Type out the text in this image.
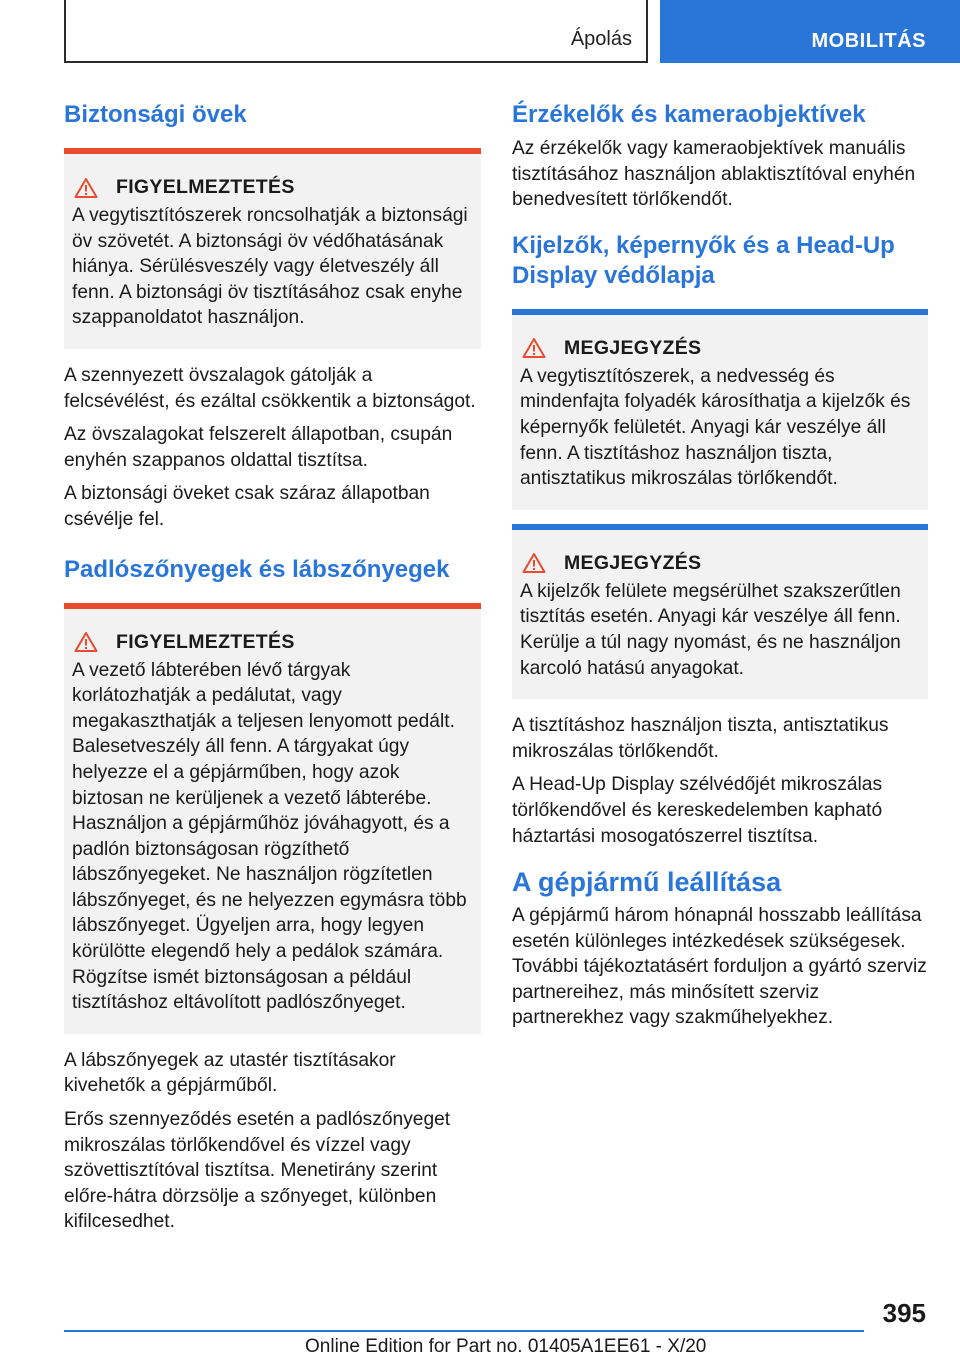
Ápolás	MOBILITÁS
Biztonsági övek
FIGYELMEZTETÉS

A vegytisztítószerek roncsolhatják a biztonsági öv szövetét. A biztonsági öv védőhatásának hiánya. Sérülésveszély vagy életveszély áll fenn. A biztonsági öv tisztításához csak enyhe szappanoldatot használjon.

A szennyezett övszalagok gátolják a felcsévélést, és ezáltal csökkentik a biztonságot.

Az övszalagokat felszerelt állapotban, csupán enyhén szappanos oldattal tisztítsa.

A biztonsági öveket csak száraz állapotban csévélje fel.

Padlószőnyegek és lábszőnyegek
FIGYELMEZTETÉS

A vezető lábterében lévő tárgyak korlátozhatják a pedálutat, vagy megakaszthatják a teljesen lenyomott pedált. Balesetveszély áll fenn. A tárgyakat úgy helyezze el a gépjárműben, hogy azok biztosan ne kerüljenek a vezető lábterébe. Használjon a gépjárműhöz jóváhagyott, és a padlón biztonságosan rögzíthető lábszőnyegeket. Ne használjon rögzítetlen lábszőnyeget, és ne helyezzen egymásra több lábszőnyeget. Ügyeljen arra, hogy legyen körülötte elegendő hely a pedálok számára. Rögzítse ismét biztonságosan a például tisztításhoz eltávolított padlószőnyeget.

A lábszőnyegek az utastér tisztításakor kivehetők a gépjárműből.

Erős szennyeződés esetén a padlószőnyeget mikroszálas törlőkendővel és vízzel vagy szövettisztítóval tisztítsa. Menetirány szerint előre-hátra dörzsölje a szőnyeget, különben kifilcesedhet.

Érzékelők és kameraobjektívek

Az érzékelők vagy kameraobjektívek manuális tisztításához használjon ablaktisztítóval enyhén benedvesített törlőkendőt.

Kijelzők, képernyők és a Head-Up Display védőlapja
MEGJEGYZÉS

A vegytisztítószerek, a nedvesség és mindenfajta folyadék károsíthatja a kijelzők és képernyők felületét. Anyagi kár veszélye áll fenn. A tisztításhoz használjon tiszta, antisztatikus mikroszálas törlőkendőt.

MEGJEGYZÉS

A kijelzők felülete megsérülhet szakszerűtlen tisztítás esetén. Anyagi kár veszélye áll fenn. Kerülje a túl nagy nyomást, és ne használjon karcoló hatású anyagokat.

A tisztításhoz használjon tiszta, antisztatikus mikroszálas törlőkendőt.

A Head-Up Display szélvédőjét mikroszálas törlőkendővel és kereskedelemben kapható háztartási mosogatószerrel tisztítsa.

A gépjármű leállítása

A gépjármű három hónapnál hosszabb leállítása esetén különleges intézkedések szükségesek. További tájékoztatásért forduljon a gyártó szerviz partnereihez, más minősített szerviz partnerekhez vagy szakműhelyekhez.

395
Online Edition for Part no. 01405A1EE61 - X/20
